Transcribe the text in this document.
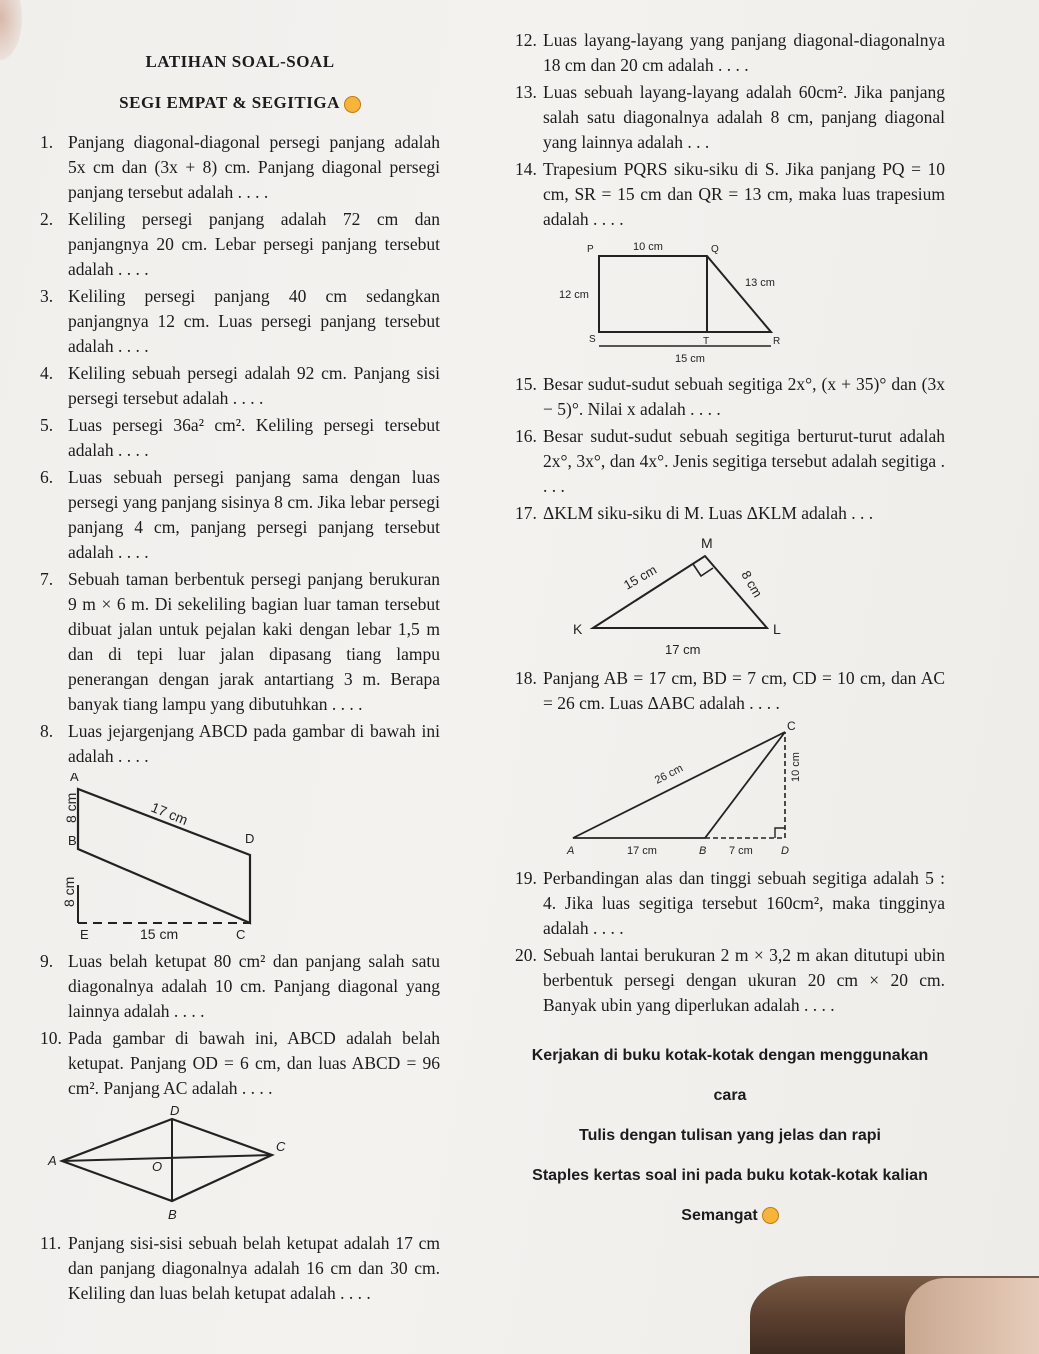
LATIHAN SOAL-SOAL
SEGI EMPAT & SEGITIGA
1. Panjang diagonal-diagonal persegi panjang adalah 5x cm dan (3x + 8) cm. Panjang diagonal persegi panjang tersebut adalah . . . .
2. Keliling persegi panjang adalah 72 cm dan panjangnya 20 cm. Lebar persegi panjang tersebut adalah . . . .
3. Keliling persegi panjang 40 cm sedangkan panjangnya 12 cm. Luas persegi panjang tersebut adalah . . . .
4. Keliling sebuah persegi adalah 92 cm. Panjang sisi persegi tersebut adalah . . . .
5. Luas persegi 36a² cm². Keliling persegi tersebut adalah . . . .
6. Luas sebuah persegi panjang sama dengan luas persegi yang panjang sisinya 8 cm. Jika lebar persegi panjang 4 cm, panjang persegi panjang tersebut adalah . . . .
7. Sebuah taman berbentuk persegi panjang berukuran 9 m × 6 m. Di sekeliling bagian luar taman tersebut dibuat jalan untuk pejalan kaki dengan lebar 1,5 m dan di tepi luar jalan dipasang tiang lampu penerangan dengan jarak antartiang 3 m. Berapa banyak tiang lampu yang dibutuhkan . . . .
8. Luas jejargenjang ABCD pada gambar di bawah ini adalah . . . .
A
B	D
E	C
8 cm	17 cm
8 cm
15 cm
9. Luas belah ketupat 80 cm² dan panjang salah satu diagonalnya adalah 10 cm. Panjang diagonal yang lainnya adalah . . . .
10. Pada gambar di bawah ini, ABCD adalah belah ketupat. Panjang OD = 6 cm, dan luas ABCD = 96 cm². Panjang AC adalah . . . .
D
A	O
C
B
11. Panjang sisi-sisi sebuah belah ketupat adalah 17 cm dan panjang diagonalnya adalah 16 cm dan 30 cm. Keliling dan luas belah ketupat adalah . . . .
12. Luas layang-layang yang panjang diagonal-diagonalnya 18 cm dan 20 cm adalah . . . .
13. Luas sebuah layang-layang adalah 60cm². Jika panjang salah satu diagonalnya adalah 8 cm, panjang diagonal yang lainnya adalah . . .
14. Trapesium PQRS siku-siku di S. Jika panjang PQ = 10 cm, SR = 15 cm dan QR = 13 cm, maka luas trapesium adalah . . . .
P	Q
S	T	R
10 cm
13 cm
12 cm
15 cm
15. Besar sudut-sudut sebuah segitiga 2x°, (x + 35)° dan (3x − 5)°. Nilai x adalah . . . .
16. Besar sudut-sudut sebuah segitiga berturut-turut adalah 2x°, 3x°, dan 4x°. Jenis segitiga tersebut adalah segitiga . . . .
17. ΔKLM siku-siku di M. Luas ΔKLM adalah . . .
M
K	L
15 cm	8 cm
17 cm
18. Panjang AB = 17 cm, BD = 7 cm, CD = 10 cm, dan AC = 26 cm. Luas ΔABC adalah . . . .
C
A	B	D
26 cm	10 cm
17 cm	7 cm
19. Perbandingan alas dan tinggi sebuah segitiga adalah 5 : 4. Jika luas segitiga tersebut 160cm², maka tingginya adalah . . . .
20. Sebuah lantai berukuran 2 m × 3,2 m akan ditutupi ubin berbentuk persegi dengan ukuran 20 cm × 20 cm. Banyak ubin yang diperlukan adalah . . . .
Kerjakan di buku kotak-kotak dengan menggunakan cara
Tulis dengan tulisan yang jelas dan rapi
Staples kertas soal ini pada buku kotak-kotak kalian
Semangat
